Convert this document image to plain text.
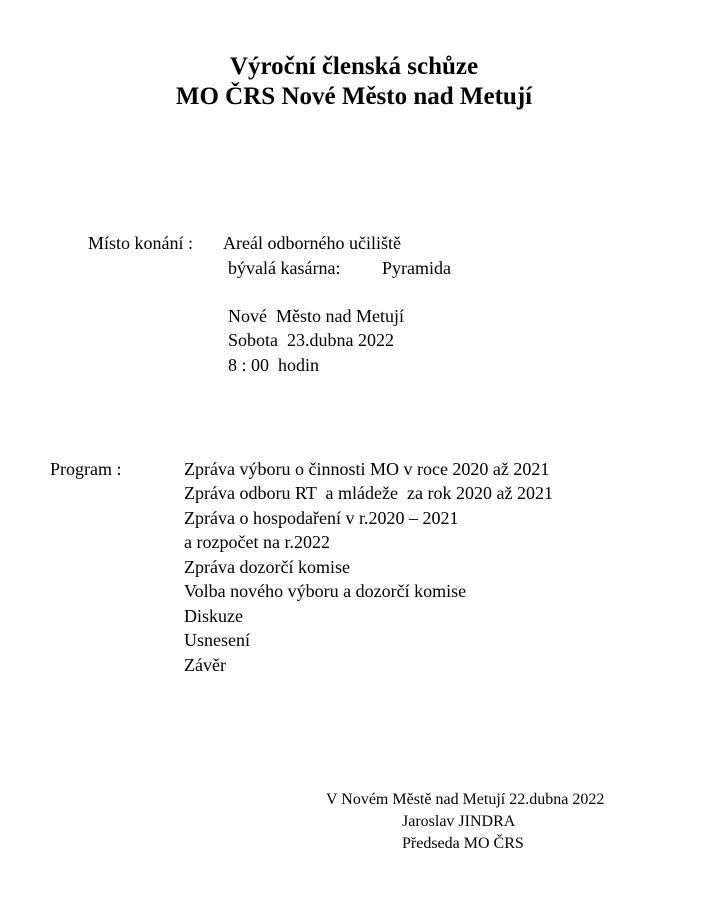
Výroční členská schůze
MO ČRS Nové Město nad Metují
Místo konání : Areál odborného učiliště
bývalá kasárna: Pyramida
Nové  Město nad Metují
Sobota  23.dubna 2022
8 : 00  hodin
Program :	Zpráva výboru o činnosti MO v roce 2020 až 2021
Zpráva odboru RT  a mládeže  za rok 2020 až 2021
Zpráva o hospodaření v r.2020 – 2021
a rozpočet na r.2022
Zpráva dozorčí komise
Volba nového výboru a dozorčí komise
Diskuze
Usnesení
Závěr
V Novém Městě nad Metují 22.dubna 2022
Jaroslav JINDRA
Předseda MO ČRS
